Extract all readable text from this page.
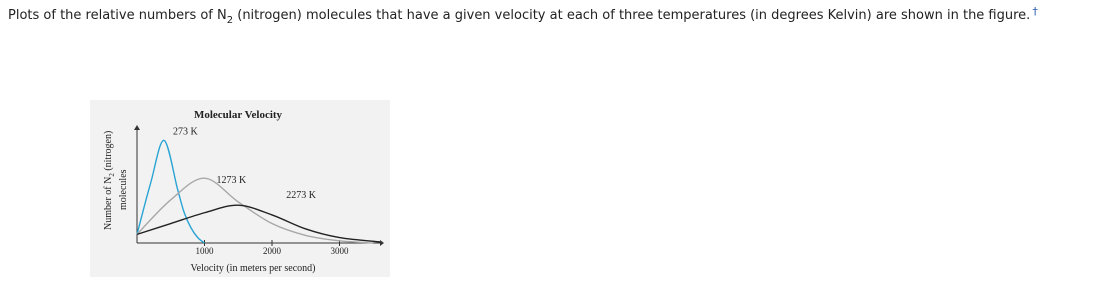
Plots of the relative numbers of $N_2$ (nitrogen) molecules that have a given velocity at each of three temperatures (in degrees Kelvin) are shown in the figure. †
Molecular Velocity
Number of $N_2$ (nitrogen)
molecules
1000	2000	3000
273 K
1273 K
2273 K
Velocity (in meters per second)
